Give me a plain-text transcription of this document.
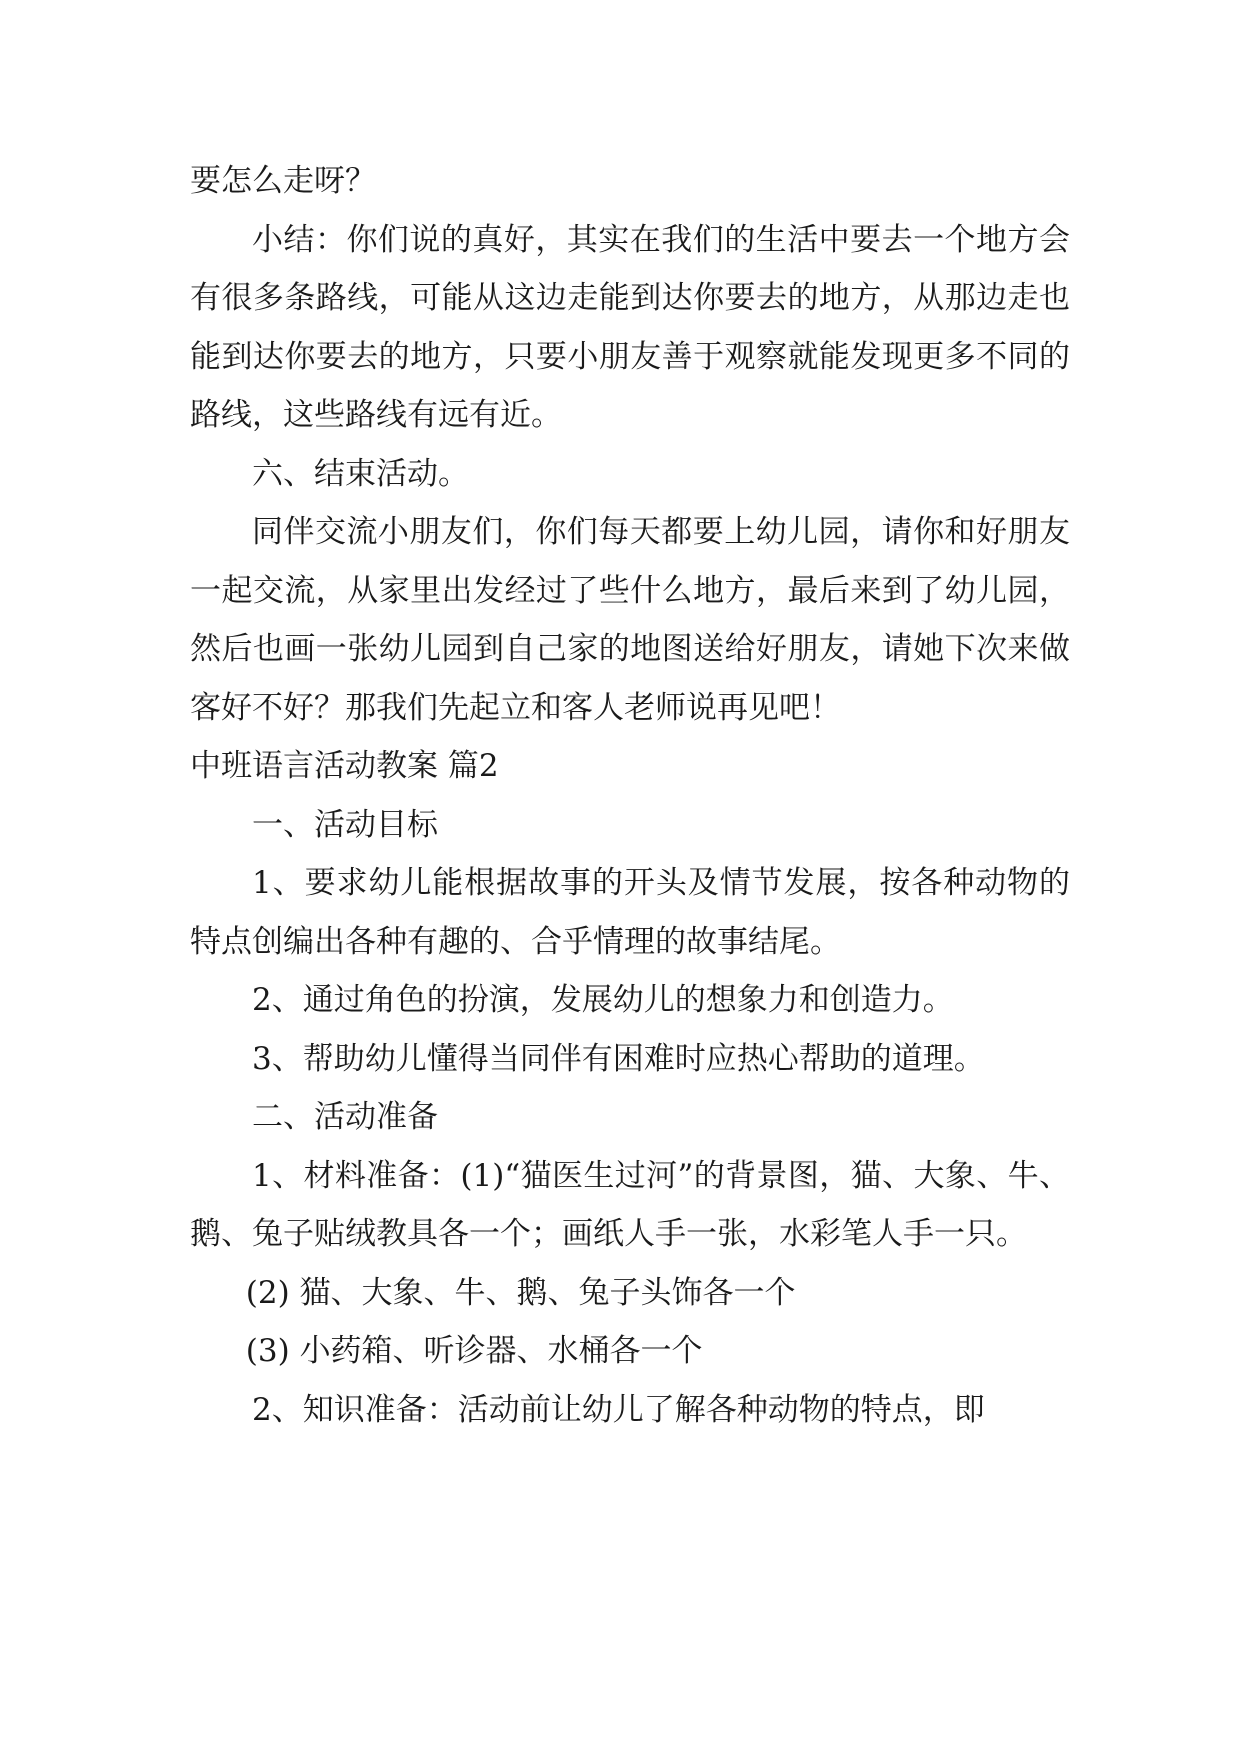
要怎么走呀？

小结：你们说的真好，其实在我们的生活中要去一个地方会有很多条路线，可能从这边走能到达你要去的地方，从那边走也能到达你要去的地方，只要小朋友善于观察就能发现更多不同的路线，这些路线有远有近。

六、结束活动。

同伴交流小朋友们，你们每天都要上幼儿园，请你和好朋友一起交流，从家里出发经过了些什么地方，最后来到了幼儿园，然后也画一张幼儿园到自己家的地图送给好朋友，请她下次来做客好不好？那我们先起立和客人老师说再见吧！

中班语言活动教案 篇2

一、活动目标

1、要求幼儿能根据故事的开头及情节发展，按各种动物的特点创编出各种有趣的、合乎情理的故事结尾。

2、通过角色的扮演，发展幼儿的想象力和创造力。

3、帮助幼儿懂得当同伴有困难时应热心帮助的道理。

二、活动准备

1、材料准备：(1)“猫医生过河”的背景图，猫、大象、牛、鹅、兔子贴绒教具各一个；画纸人手一张，水彩笔人手一只。

(2) 猫、大象、牛、鹅、兔子头饰各一个

(3) 小药箱、听诊器、水桶各一个

2、知识准备：活动前让幼儿了解各种动物的特点，即
